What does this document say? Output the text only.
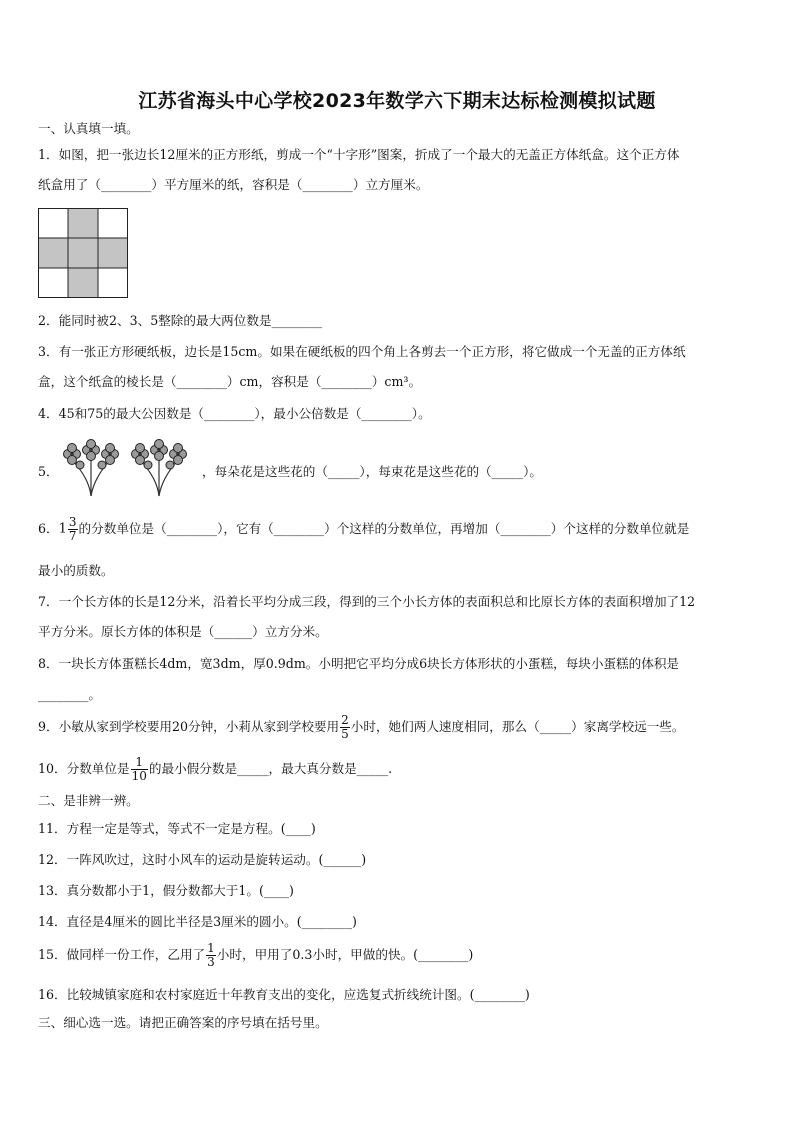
江苏省海头中心学校2023年数学六下期末达标检测模拟试题
一、认真填一填。
1．如图，把一张边长12厘米的正方形纸，剪成一个“十字形”图案，折成了一个最大的无盖正方体纸盒。这个正方体
纸盒用了（________）平方厘米的纸，容积是（________）立方厘米。
2．能同时被2、3、5整除的最大两位数是________
3．有一张正方形硬纸板，边长是15cm。如果在硬纸板的四个角上各剪去一个正方形，将它做成一个无盖的正方体纸
盒，这个纸盒的棱长是（________）cm，容积是（________）cm³。
4．45和75的最大公因数是（________），最小公倍数是（________）。
5．	，每朵花是这些花的（_____），每束花是这些花的（_____）。
6．$1 \frac{3}{7}$ 的分数单位是（________），它有（________）个这样的分数单位，再增加（________）个这样的分数单位就是
最小的质数。
7．一个长方体的长是12分米，沿着长平均分成三段，得到的三个小长方体的表面积总和比原长方体的表面积增加了12
平方分米。原长方体的体积是（______）立方分米。
8．一块长方体蛋糕长4dm，宽3dm，厚0.9dm。小明把它平均分成6块长方体形状的小蛋糕，每块小蛋糕的体积是
________。
9．小敏从家到学校要用20分钟，小莉从家到学校要用 $\frac{2}{5}$ 小时，她们两人速度相同，那么（_____）家离学校远一些。
10．分数单位是 $\frac{1}{10}$ 的最小假分数是_____，最大真分数是_____.
二、是非辨一辨。
11．方程一定是等式，等式不一定是方程。(____)
12．一阵风吹过，这时小风车的运动是旋转运动。(______)
13．真分数都小于1，假分数都大于1。(____)
14．直径是4厘米的圆比半径是3厘米的圆小。(________)
15．做同样一份工作，乙用了 $\frac{1}{3}$ 小时，甲用了0.3小时，甲做的快。(________)
16．比较城镇家庭和农村家庭近十年教育支出的变化，应选复式折线统计图。(________)
三、细心选一选。请把正确答案的序号填在括号里。
